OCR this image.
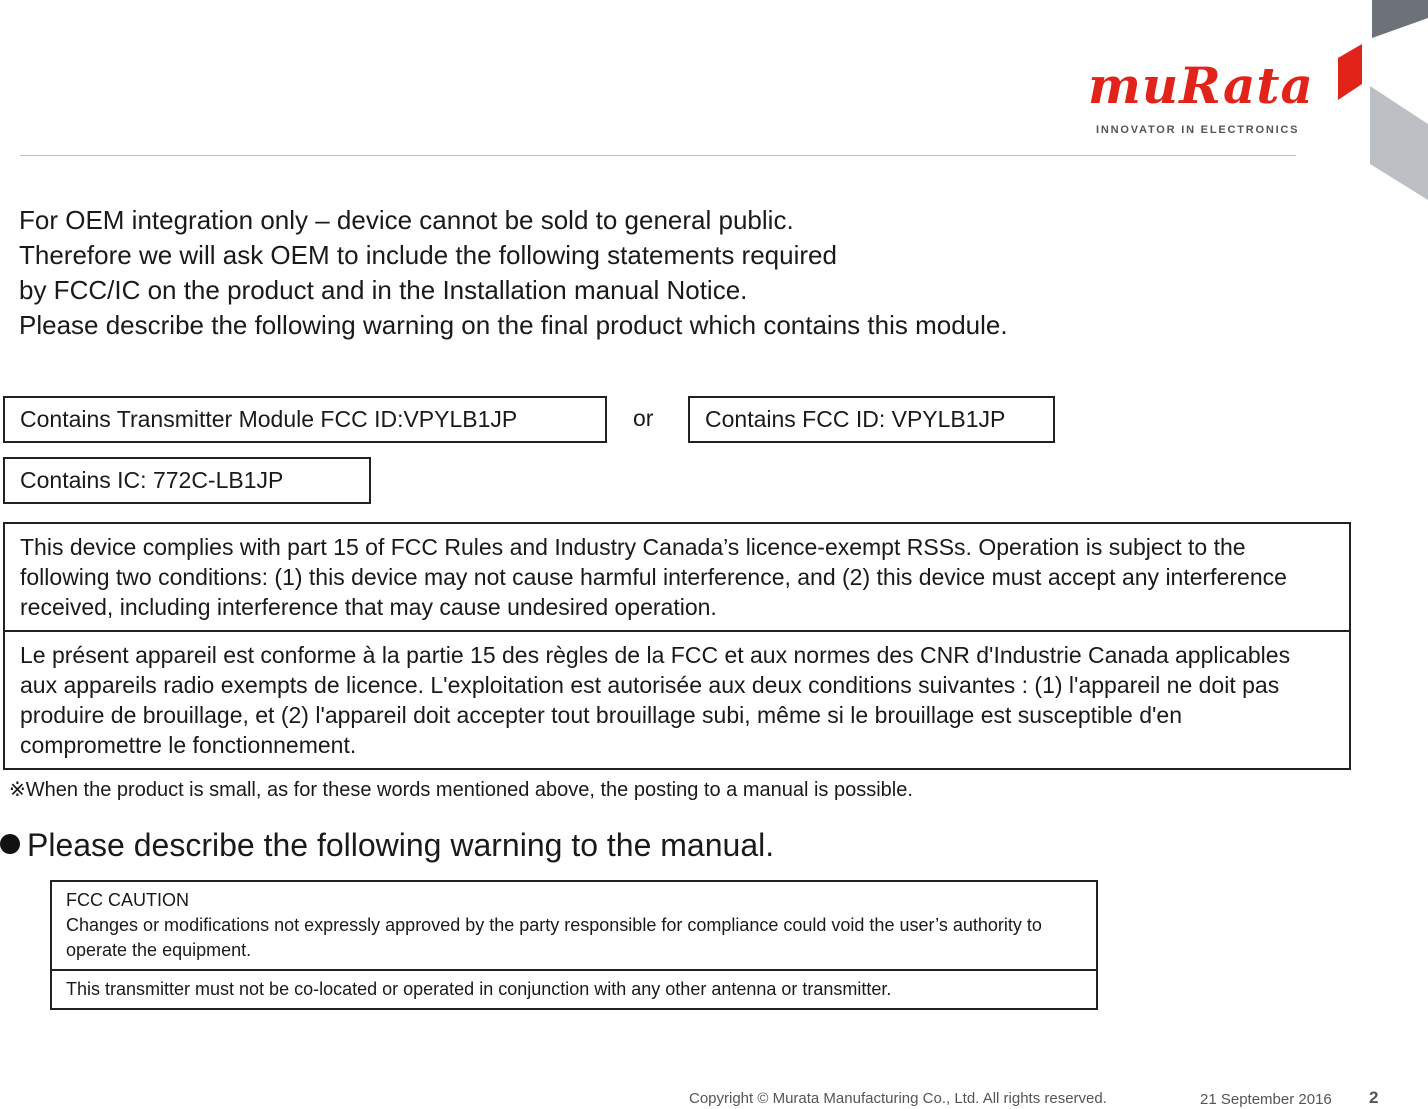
muRata
INNOVATOR IN ELECTRONICS
For OEM integration only – device cannot be sold to general public.
Therefore we will ask OEM to include the following statements required
by FCC/IC on the product and in the Installation manual Notice.
Please describe the following warning on the final product which contains this module.
Contains Transmitter Module FCC ID:VPYLB1JP	or	Contains FCC ID: VPYLB1JP
Contains IC: 772C-LB1JP
This device complies with part 15 of FCC Rules and Industry Canada’s licence-exempt RSSs. Operation is subject to the following two conditions: (1) this device may not cause harmful interference, and (2) this device must accept any interference received, including interference that may cause undesired operation.
Le présent appareil est conforme à la partie 15 des règles de la FCC et aux normes des CNR d'Industrie Canada applicables aux appareils radio exempts de licence. L'exploitation est autorisée aux deux conditions suivantes : (1) l'appareil ne doit pas produire de brouillage, et (2) l'appareil doit accepter tout brouillage subi, même si le brouillage est susceptible d'en compromettre le fonctionnement.
※When the product is small, as for these words mentioned above, the posting to a manual is possible.
Please describe the following warning to the manual.
FCC CAUTION
Changes or modifications not expressly approved by the party responsible for compliance could void the user’s authority to operate the equipment.
This transmitter must not be co-located or operated in conjunction with any other antenna or transmitter.
Copyright © Murata Manufacturing Co., Ltd. All rights reserved.	21 September 2016 2
